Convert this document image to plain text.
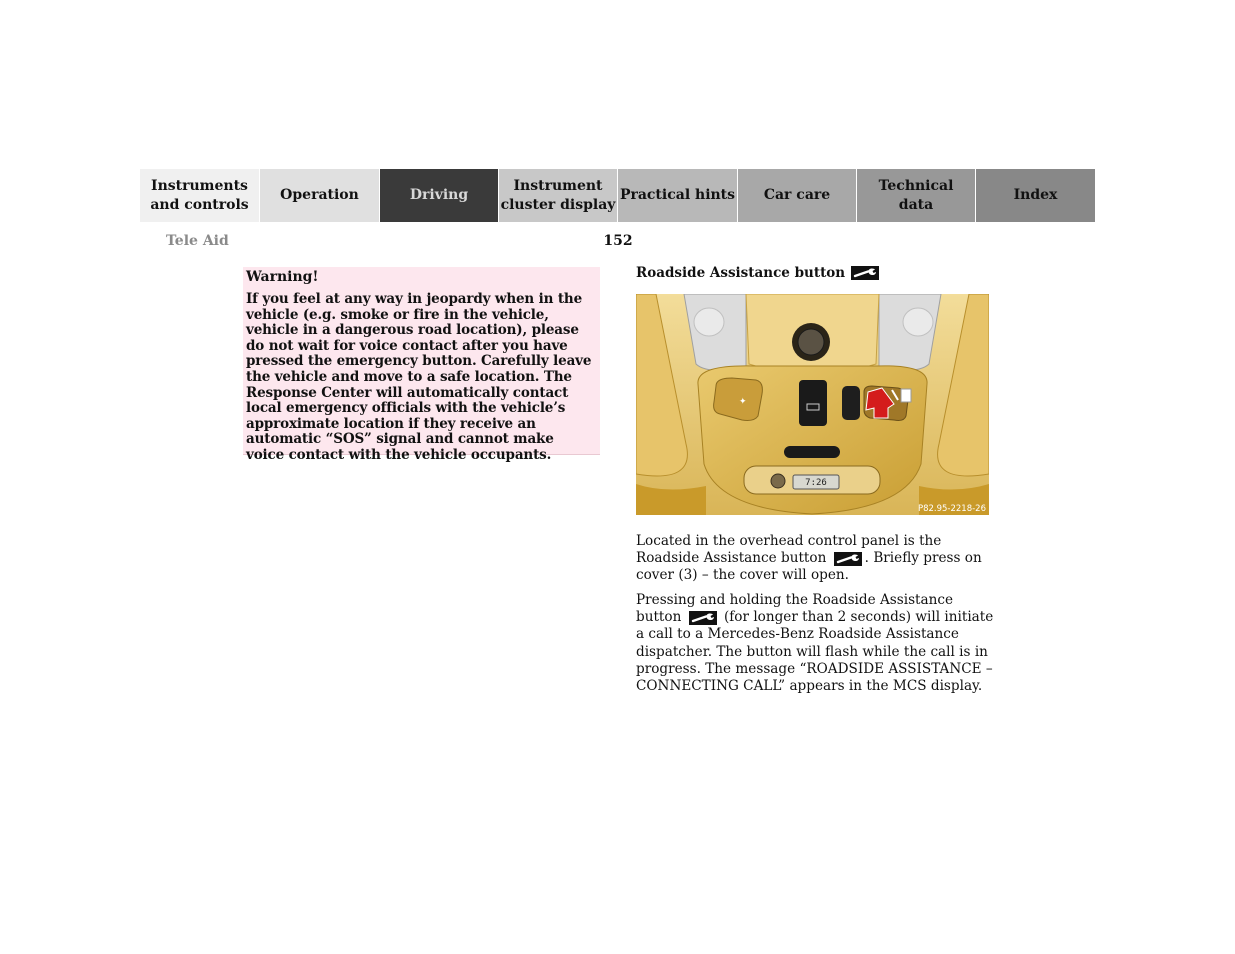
Instruments
and controls
Operation	Driving
Instrument
cluster display
Practical hints Car care
Technical
data
Index
Tele Aid	152

Warning!

If you feel at any way in jeopardy when in the vehicle (e.g. smoke or fire in the vehicle, vehicle in a dangerous road location), please do not wait for voice contact after you have pressed the emergency button. Carefully leave the vehicle and move to a safe location. The Response Center will automatically contact local emergency officials with the vehicle’s approximate location if they receive an automatic “SOS” signal and cannot make voice contact with the vehicle occupants.

Roadside Assistance button
✦
7:26
P82.95-2218-26

Located in the overhead control panel is the Roadside Assistance button	. Briefly press on cover (3) – the cover will open.

Pressing and holding the Roadside Assistance button	(for longer than 2 seconds) will initiate a call to a Mercedes-Benz Roadside Assistance dispatcher. The button will flash while the call is in progress. The message “ROADSIDE ASSISTANCE – CONNECTING CALL” appears in the MCS display.
